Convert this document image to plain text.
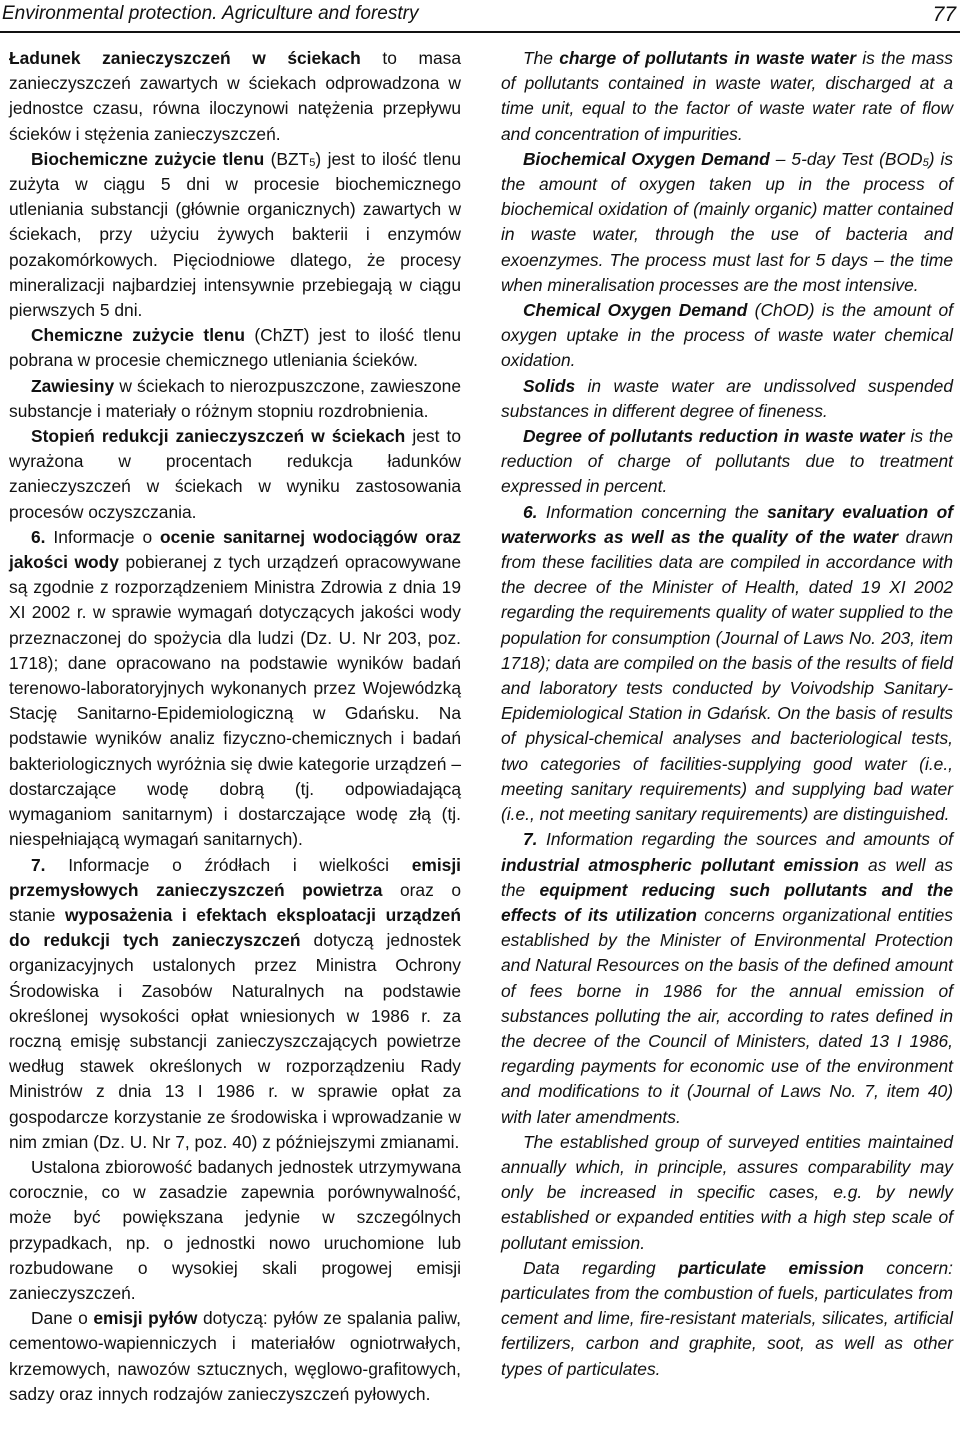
Environmental protection. Agriculture and forestry	77

Ładunek zanieczyszczeń w ściekach to masa zanieczyszczeń zawartych w ściekach odprowadzona w jednostce czasu, równa iloczynowi natężenia przepływu ścieków i stężenia zanieczyszczeń.

Biochemiczne zużycie tlenu $(BZT_5)$ jest to ilość tlenu zużyta w ciągu 5 dni w procesie biochemicznego utleniania substancji (głównie organicznych) zawartych w ściekach, przy użyciu żywych bakterii i enzymów pozakomórkowych. Pięciodniowe dlatego, że procesy mineralizacji najbardziej intensywnie przebiegają w ciągu pierwszych 5 dni.

Chemiczne zużycie tlenu (ChZT) jest to ilość tlenu pobrana w procesie chemicznego utleniania ścieków.

Zawiesiny w ściekach to nierozpuszczone, zawieszone substancje i materiały o różnym stopniu rozdrobnienia.

Stopień redukcji zanieczyszczeń w ściekach jest to wyrażona w procentach redukcja ładunków zanieczyszczeń w ściekach w wyniku zastosowania procesów oczyszczania.

6. Informacje o ocenie sanitarnej wodociągów oraz jakości wody pobieranej z tych urządzeń opracowywane są zgodnie z rozporządzeniem Ministra Zdrowia z dnia 19 XI 2002 r. w sprawie wymagań dotyczących jakości wody przeznaczonej do spożycia dla ludzi (Dz. U. Nr 203, poz. 1718); dane opracowano na podstawie wyników badań terenowo-laboratoryjnych wykonanych przez Wojewódzką Stację Sanitarno-Epidemiologiczną w Gdańsku. Na podstawie wyników analiz fizyczno-chemicznych i badań bakteriologicznych wyróżnia się dwie kategorie urządzeń – dostarczające wodę dobrą (tj. odpowiadającą wymaganiom sanitarnym) i dostarczające wodę złą (tj. niespełniającą wymagań sanitarnych).

7. Informacje o źródłach i wielkości emisji przemysłowych zanieczyszczeń powietrza oraz o stanie wyposażenia i efektach eksploatacji urządzeń do redukcji tych zanieczyszczeń dotyczą jednostek organizacyjnych ustalonych przez Ministra Ochrony Środowiska i Zasobów Naturalnych na podstawie określonej wysokości opłat wniesionych w 1986 r. za roczną emisję substancji zanieczyszczających powietrze według stawek określonych w rozporządzeniu Rady Ministrów z dnia 13 I 1986 r. w sprawie opłat za gospodarcze korzystanie ze środowiska i wprowadzanie w nim zmian (Dz. U. Nr 7, poz. 40) z późniejszymi zmianami.

Ustalona zbiorowość badanych jednostek utrzymywana corocznie, co w zasadzie zapewnia porównywalność, może być powiększana jedynie w szczególnych przypadkach, np. o jednostki nowo uruchomione lub rozbudowane o wysokiej skali progowej emisji zanieczyszczeń.

Dane o emisji pyłów dotyczą: pyłów ze spalania paliw, cementowo-wapienniczych i materiałów ogniotrwałych, krzemowych, nawozów sztucznych, węglowo-grafitowych, sadzy oraz innych rodzajów zanieczyszczeń pyłowych.

The charge of pollutants in waste water is the mass of pollutants contained in waste water, discharged at a time unit, equal to the factor of waste water rate of flow and concentration of impurities.

Biochemical Oxygen Demand – 5-day Test $(BOD_5)$ is the amount of oxygen taken up in the process of biochemical oxidation of (mainly organic) matter contained in waste water, through the use of bacteria and exoenzymes. The process must last for 5 days – the time when mineralisation processes are the most intensive.

Chemical Oxygen Demand (ChOD) is the amount of oxygen uptake in the process of waste water chemical oxidation.

Solids in waste water are undissolved suspended substances in different degree of fineness.

Degree of pollutants reduction in waste water is the reduction of charge of pollutants due to treatment expressed in percent.

6. Information concerning the sanitary evaluation of waterworks as well as the quality of the water drawn from these facilities data are compiled in accordance with the decree of the Minister of Health, dated 19 XI 2002 regarding the requirements quality of water supplied to the population for consumption (Journal of Laws No. 203, item 1718); data are compiled on the basis of the results of field and laboratory tests conducted by Voivodship Sanitary-Epidemiological Station in Gdańsk. On the basis of results of physical-chemical analyses and bacteriological tests, two categories of facilities-supplying good water (i.e., meeting sanitary requirements) and supplying bad water (i.e., not meeting sanitary requirements) are distinguished.

7. Information regarding the sources and amounts of industrial atmospheric pollutant emission as well as the equipment reducing such pollutants and the effects of its utilization concerns organizational entities established by the Minister of Environmental Protection and Natural Resources on the basis of the defined amount of fees borne in 1986 for the annual emission of substances polluting the air, according to rates defined in the decree of the Council of Ministers, dated 13 I 1986, regarding payments for economic use of the environment and modifications to it (Journal of Laws No. 7, item 40) with later amendments.

The established group of surveyed entities maintained annually which, in principle, assures comparability may only be increased in specific cases, e.g. by newly established or expanded entities with a high step scale of pollutant emission.

Data regarding particulate emission concern: particulates from the combustion of fuels, particulates from cement and lime, fire-resistant materials, silicates, artificial fertilizers, carbon and graphite, soot, as well as other types of particulates.
